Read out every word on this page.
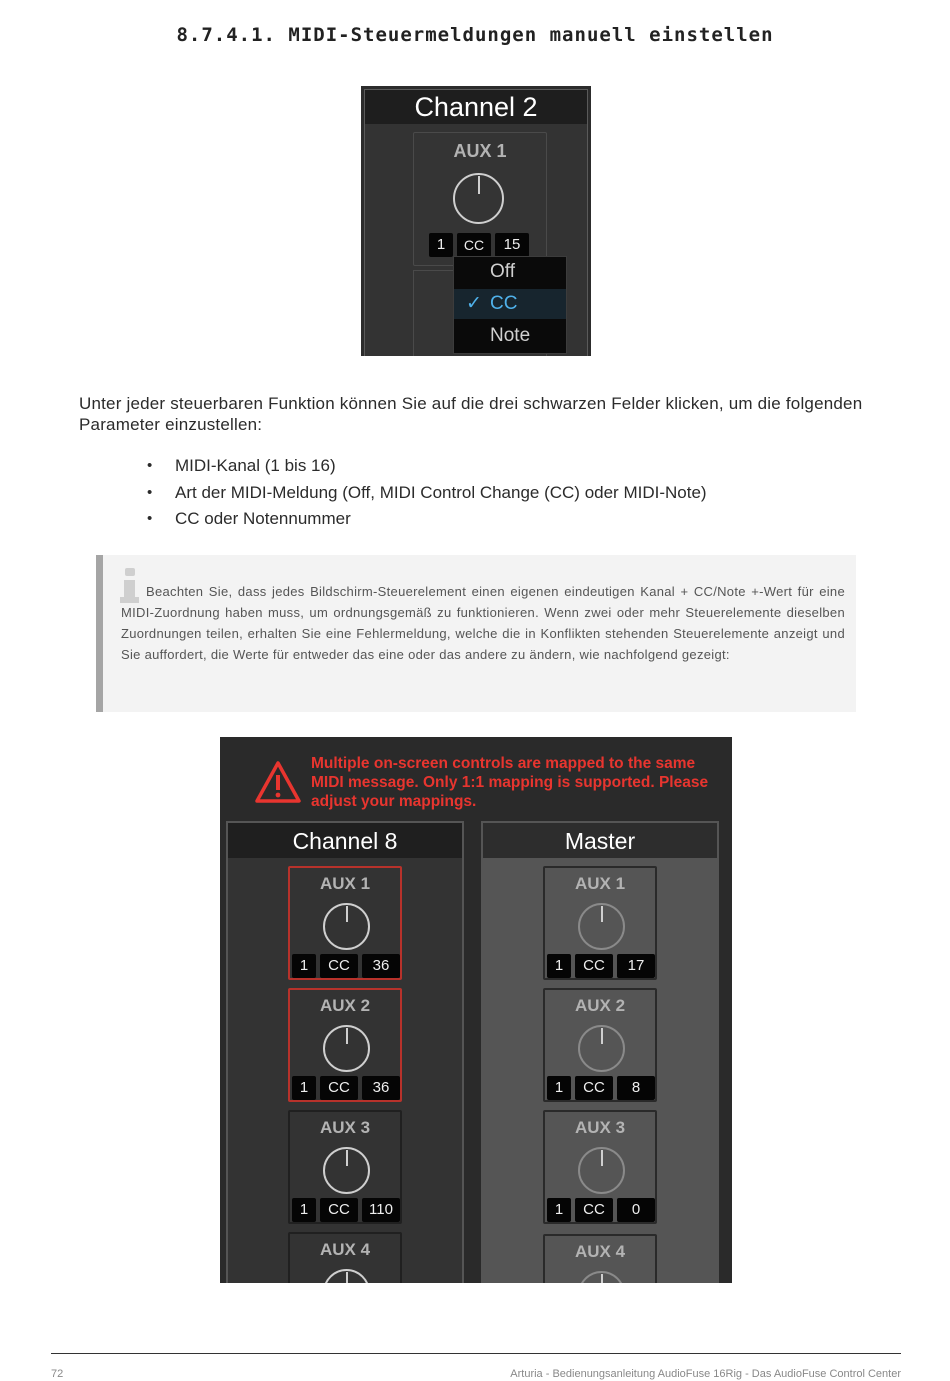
8.7.4.1. MIDI-Steuermeldungen manuell einstellen
Channel 2
AUX 1
1	CC	15
Off
✓ CC
Note
Unter jeder steuerbaren Funktion können Sie auf die drei schwarzen Felder klicken, um die folgenden Parameter einzustellen:
• MIDI-Kanal (1 bis 16)
• Art der MIDI-Meldung (Off, MIDI Control Change (CC) oder MIDI-Note)
• CC oder Notennummer
Beachten Sie, dass jedes Bildschirm-Steuerelement einen eigenen eindeutigen Kanal + CC/Note +-Wert für eine MIDI-Zuordnung haben muss, um ordnungsgemäß zu funktionieren. Wenn zwei oder mehr Steuerelemente dieselben Zuordnungen teilen, erhalten Sie eine Fehlermeldung, welche die in Konflikten stehenden Steuerelemente anzeigt und Sie auffordert, die Werte für entweder das eine oder das andere zu ändern, wie nachfolgend gezeigt:
Multiple on-screen controls are mapped to the same MIDI message. Only 1:1 mapping is supported. Please adjust your mappings.
Channel 8
AUX 1
1	CC	36
AUX 2
1	CC	36
AUX 3
1	CC	110
AUX 4
Master
AUX 1
1	CC	17
AUX 2
1	CC	8
AUX 3
1	CC	0
AUX 4
72	Arturia - Bedienungsanleitung AudioFuse 16Rig - Das AudioFuse Control Center
